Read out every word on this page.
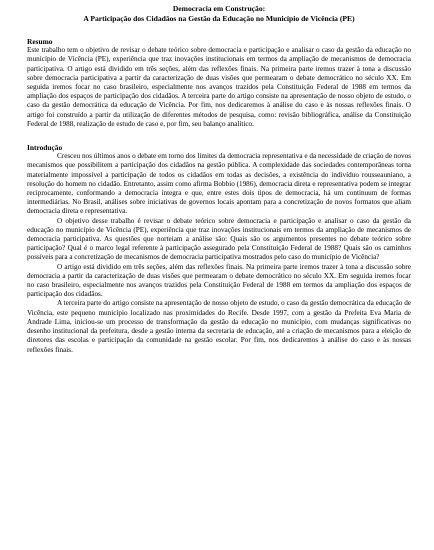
Democracia em Construção:

A Participação dos Cidadãos na Gestão da Educação no Município de Vicência (PE)

Resumo

Este trabalho tem o objetivo de revisar o debate teórico sobre democracia e participação e analisar o caso da gestão da educação no município de Vicência (PE), experiência que traz inovações institucionais em termos da ampliação de mecanismos de democracia participativa. O artigo está dividido em três seções, além das reflexões finais. Na primeira parte iremos trazer à tona a discussão sobre democracia participativa a partir da caracterização de duas visões que permearam o debate democrático no século XX. Em seguida iremos focar no caso brasileiro, especialmente nos avanços trazidos pela Constituição Federal de 1988 em termos da ampliação dos espaços de participação dos cidadãos. A terceira parte do artigo consiste na apresentação de nosso objeto de estudo, o caso da gestão democrática da educação de Vicência. Por fim, nos dedicaremos à análise do caso e às nossas reflexões finais. O artigo foi construído a partir da utilização de diferentes métodos de pesquisa, como: revisão bibliográfica, análise da Constituição Federal de 1988, realização de estudo de caso e, por fim, seu balanço analítico.

Introdução

Cresceu nos últimos anos o debate em torno dos limites da democracia representativa e da necessidade de criação de novos mecanismos que possibilitem a participação dos cidadãos na gestão pública. A complexidade das sociedades contemporâneas torna materialmente impossível a participação de todos os cidadãos em todas as decisões, a existência do indivíduo rousseauniano, a resolução do homem no cidadão. Entretanto, assim como afirma Bobbio (1986), democracia direta e representativa podem se integrar reciprocamente, conformando a democracia íntegra e que, entre estes dois tipos de democracia, há um continuum de formas intermediárias. No Brasil, análises sobre iniciativas de governos locais apontam para a concretização de novos formatos que aliam democracia direta e representativa.

O objetivo desse trabalho é revisar o debate teórico sobre democracia e participação e analisar o caso da gestão da educação no município de Vicência (PE), experiência que traz inovações institucionais em termos da ampliação de mecanismos de democracia participativa. As questões que norteiam a análise são: Quais são os argumentos presentes no debate teórico sobre participação? Qual é o marco legal referente à participação assegurado pela Constituição Federal de 1988? Quais são os caminhos possíveis para a concretização de mecanismos de democracia participativa mostrados pelo caso do município de Vicência?

O artigo está dividido em três seções, além das reflexões finais. Na primeira parte iremos trazer à tona a discussão sobre democracia a partir da caracterização de duas visões que permearam o debate democrático no século XX. Em seguida iremos focar no caso brasileiro, especialmente nos avanços trazidos pela Constituição Federal de 1988 em termos da ampliação dos espaços de participação dos cidadãos.

A terceira parte do artigo consiste na apresentação de nosso objeto de estudo, o caso da gestão democrática da educação de Vicência, este pequeno município localizado nas proximidades do Recife. Desde 1997, com a gestão da Prefeita Eva Maria de Andrade Lima, iniciou-se um processo de transformação da gestão da educação no município, com mudanças significativas no desenho institucional da prefeitura, desde a gestão interna da secretaria de educação, até a criação de mecanismos para a eleição de diretores das escolas e participação da comunidade na gestão escolar. Por fim, nos dedicaremos à análise do caso e às nossas reflexões finais.
